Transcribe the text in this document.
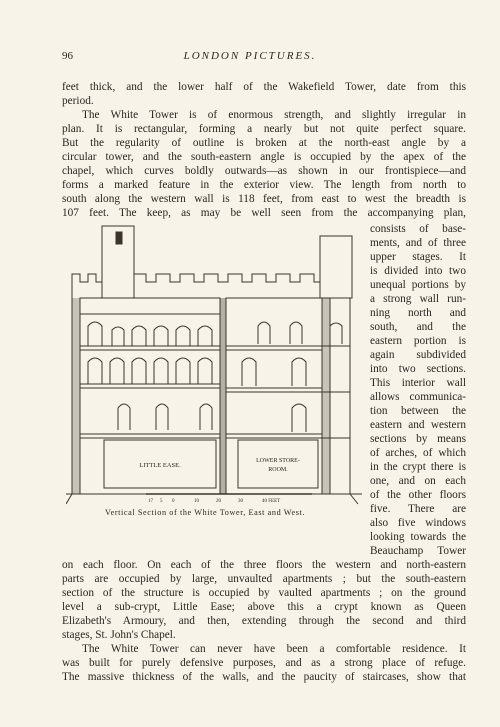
96	LONDON PICTURES.
feet thick, and the lower half of the Wakefield Tower, date from this
period.
The White Tower is of enormous strength, and slightly irregular in
plan. It is rectangular, forming a nearly but not quite perfect square.
But the regularity of outline is broken at the north-east angle by a
circular tower, and the south-eastern angle is occupied by the apex of the
chapel, which curves boldly outwards—as shown in our frontispiece—and
forms a marked feature in the exterior view. The length from north to
south along the western wall is 118 feet, from east to west the breadth is
107 feet. The keep, as may be well seen from the accompanying plan,
consists of base-
ments, and of three
upper stages. It
is divided into two
unequal portions by
a strong wall run-
ning north and
south, and the
eastern portion is
again subdivided
into two sections.
This interior wall
allows communica-
tion between the
eastern and western
sections by means
of arches, of which
in the crypt there is
one, and on each
of the other floors
five. There are
also five windows
looking towards the
Beauchamp Tower
LITTLE EASE.
LOWER STORE-
ROOM.
17 5 0	10	20	30	40 FEET
Vertical Section of the White Tower, East and West.
on each floor. On each of the three floors the western and north-eastern
parts are occupied by large, unvaulted apartments ; but the south-eastern
section of the structure is occupied by vaulted apartments ; on the ground
level a sub-crypt, Little Ease; above this a crypt known as Queen
Elizabeth's Armoury, and then, extending through the second and third
stages, St. John's Chapel.
The White Tower can never have been a comfortable residence. It
was built for purely defensive purposes, and as a strong place of refuge.
The massive thickness of the walls, and the paucity of staircases, show that
